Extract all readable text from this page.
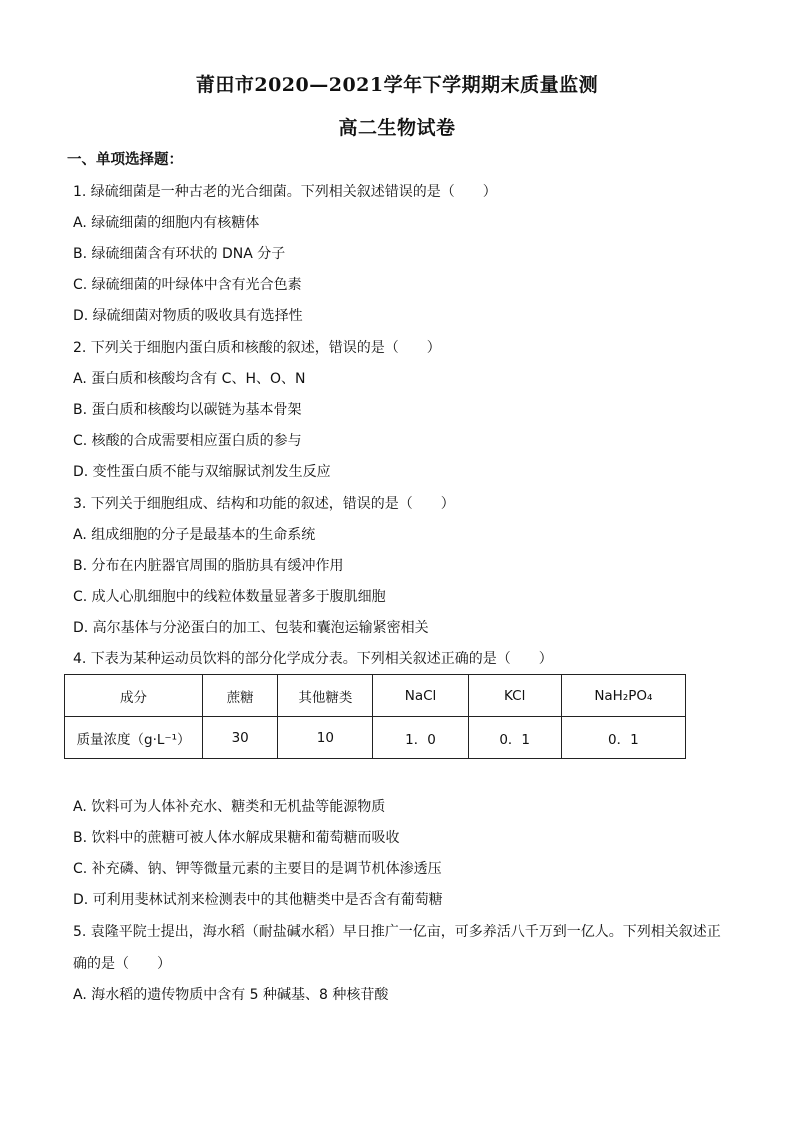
莆田市2020—2021学年下学期期末质量监测
高二生物试卷
一、单项选择题：
1. 绿硫细菌是一种古老的光合细菌。下列相关叙述错误的是（　　）
A. 绿硫细菌的细胞内有核糖体
B. 绿硫细菌含有环状的 DNA 分子
C. 绿硫细菌的叶绿体中含有光合色素
D. 绿硫细菌对物质的吸收具有选择性
2. 下列关于细胞内蛋白质和核酸的叙述，错误的是（　　）
A. 蛋白质和核酸均含有 C、H、O、N
B. 蛋白质和核酸均以碳链为基本骨架
C. 核酸的合成需要相应蛋白质的参与
D. 变性蛋白质不能与双缩脲试剂发生反应
3. 下列关于细胞组成、结构和功能的叙述，错误的是（　　）
A. 组成细胞的分子是最基本的生命系统
B. 分布在内脏器官周围的脂肪具有缓冲作用
C. 成人心肌细胞中的线粒体数量显著多于腹肌细胞
D. 高尔基体与分泌蛋白的加工、包装和囊泡运输紧密相关
4. 下表为某种运动员饮料的部分化学成分表。下列相关叙述正确的是（　　）
成分	蔗糖	其他糖类	NaCl	KCl	NaH₂PO₄
质量浓度（g·L⁻¹）	30	10	1．0	0．1	0．1
A. 饮料可为人体补充水、糖类和无机盐等能源物质
B. 饮料中的蔗糖可被人体水解成果糖和葡萄糖而吸收
C. 补充磷、钠、钾等微量元素的主要目的是调节机体渗透压
D. 可利用斐林试剂来检测表中的其他糖类中是否含有葡萄糖
5. 袁隆平院士提出，海水稻（耐盐碱水稻）早日推广一亿亩，可多养活八千万到一亿人。下列相关叙述正
确的是（　　）
A. 海水稻的遗传物质中含有 5 种碱基、8 种核苷酸
